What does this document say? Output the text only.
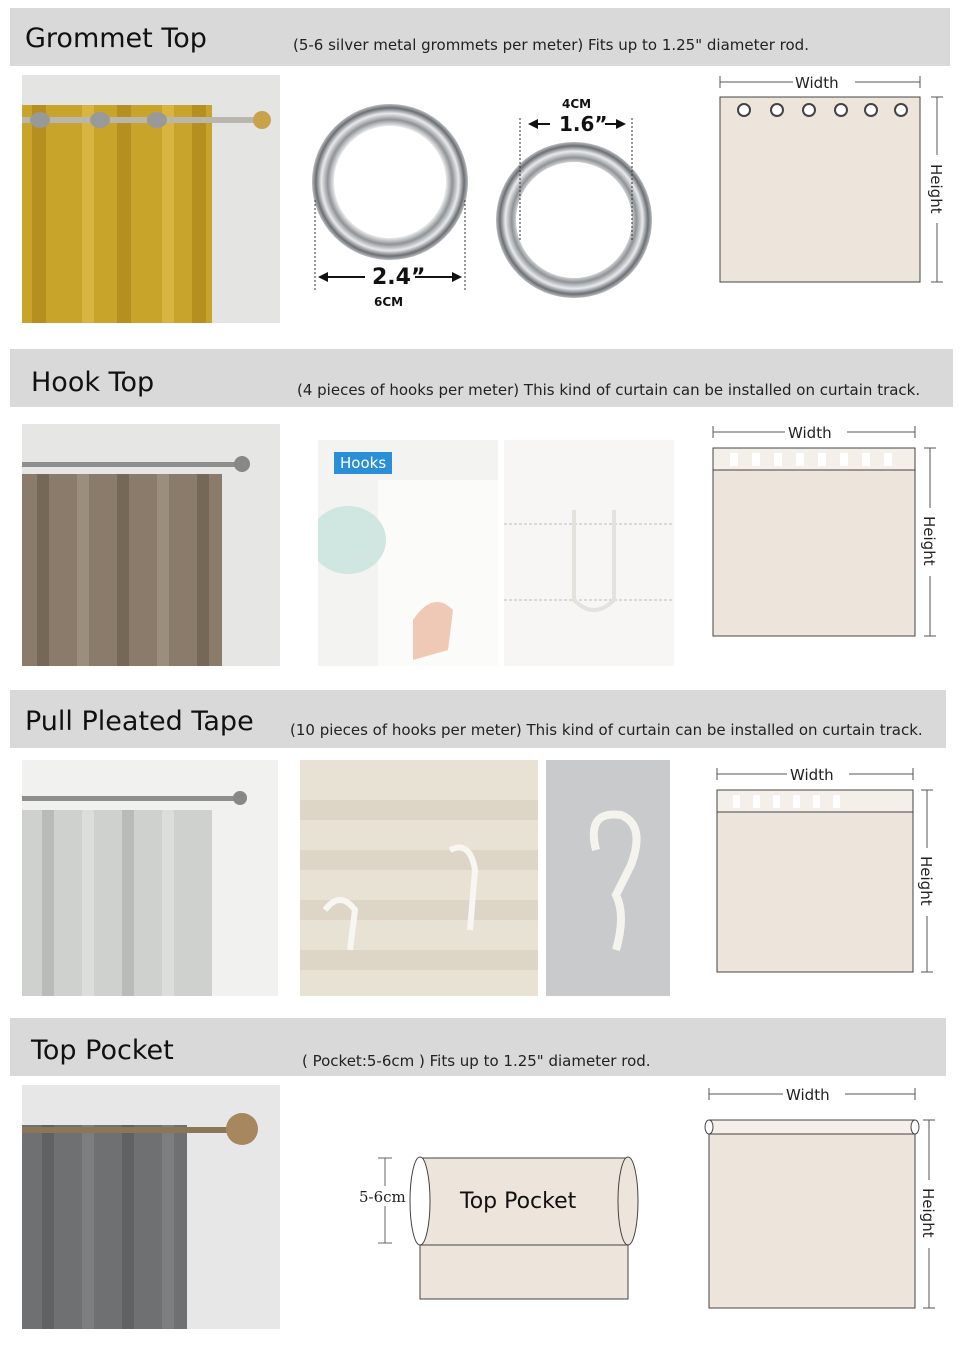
Grommet Top	(5-6 silver metal grommets per meter) Fits up to 1.25" diameter rod.
2.4”
6CM
1.6”
4CM
Width
Height
Hook Top	(4 pieces of hooks per meter) This kind of curtain can be installed on curtain track.
Hooks
Width
Height
Pull Pleated Tape (10 pieces of hooks per meter) This kind of curtain can be installed on curtain track.
Width
Height
Top Pocket	( Pocket:5-6cm ) Fits up to 1.25" diameter rod.
5-6cm Top Pocket
Width
Height
